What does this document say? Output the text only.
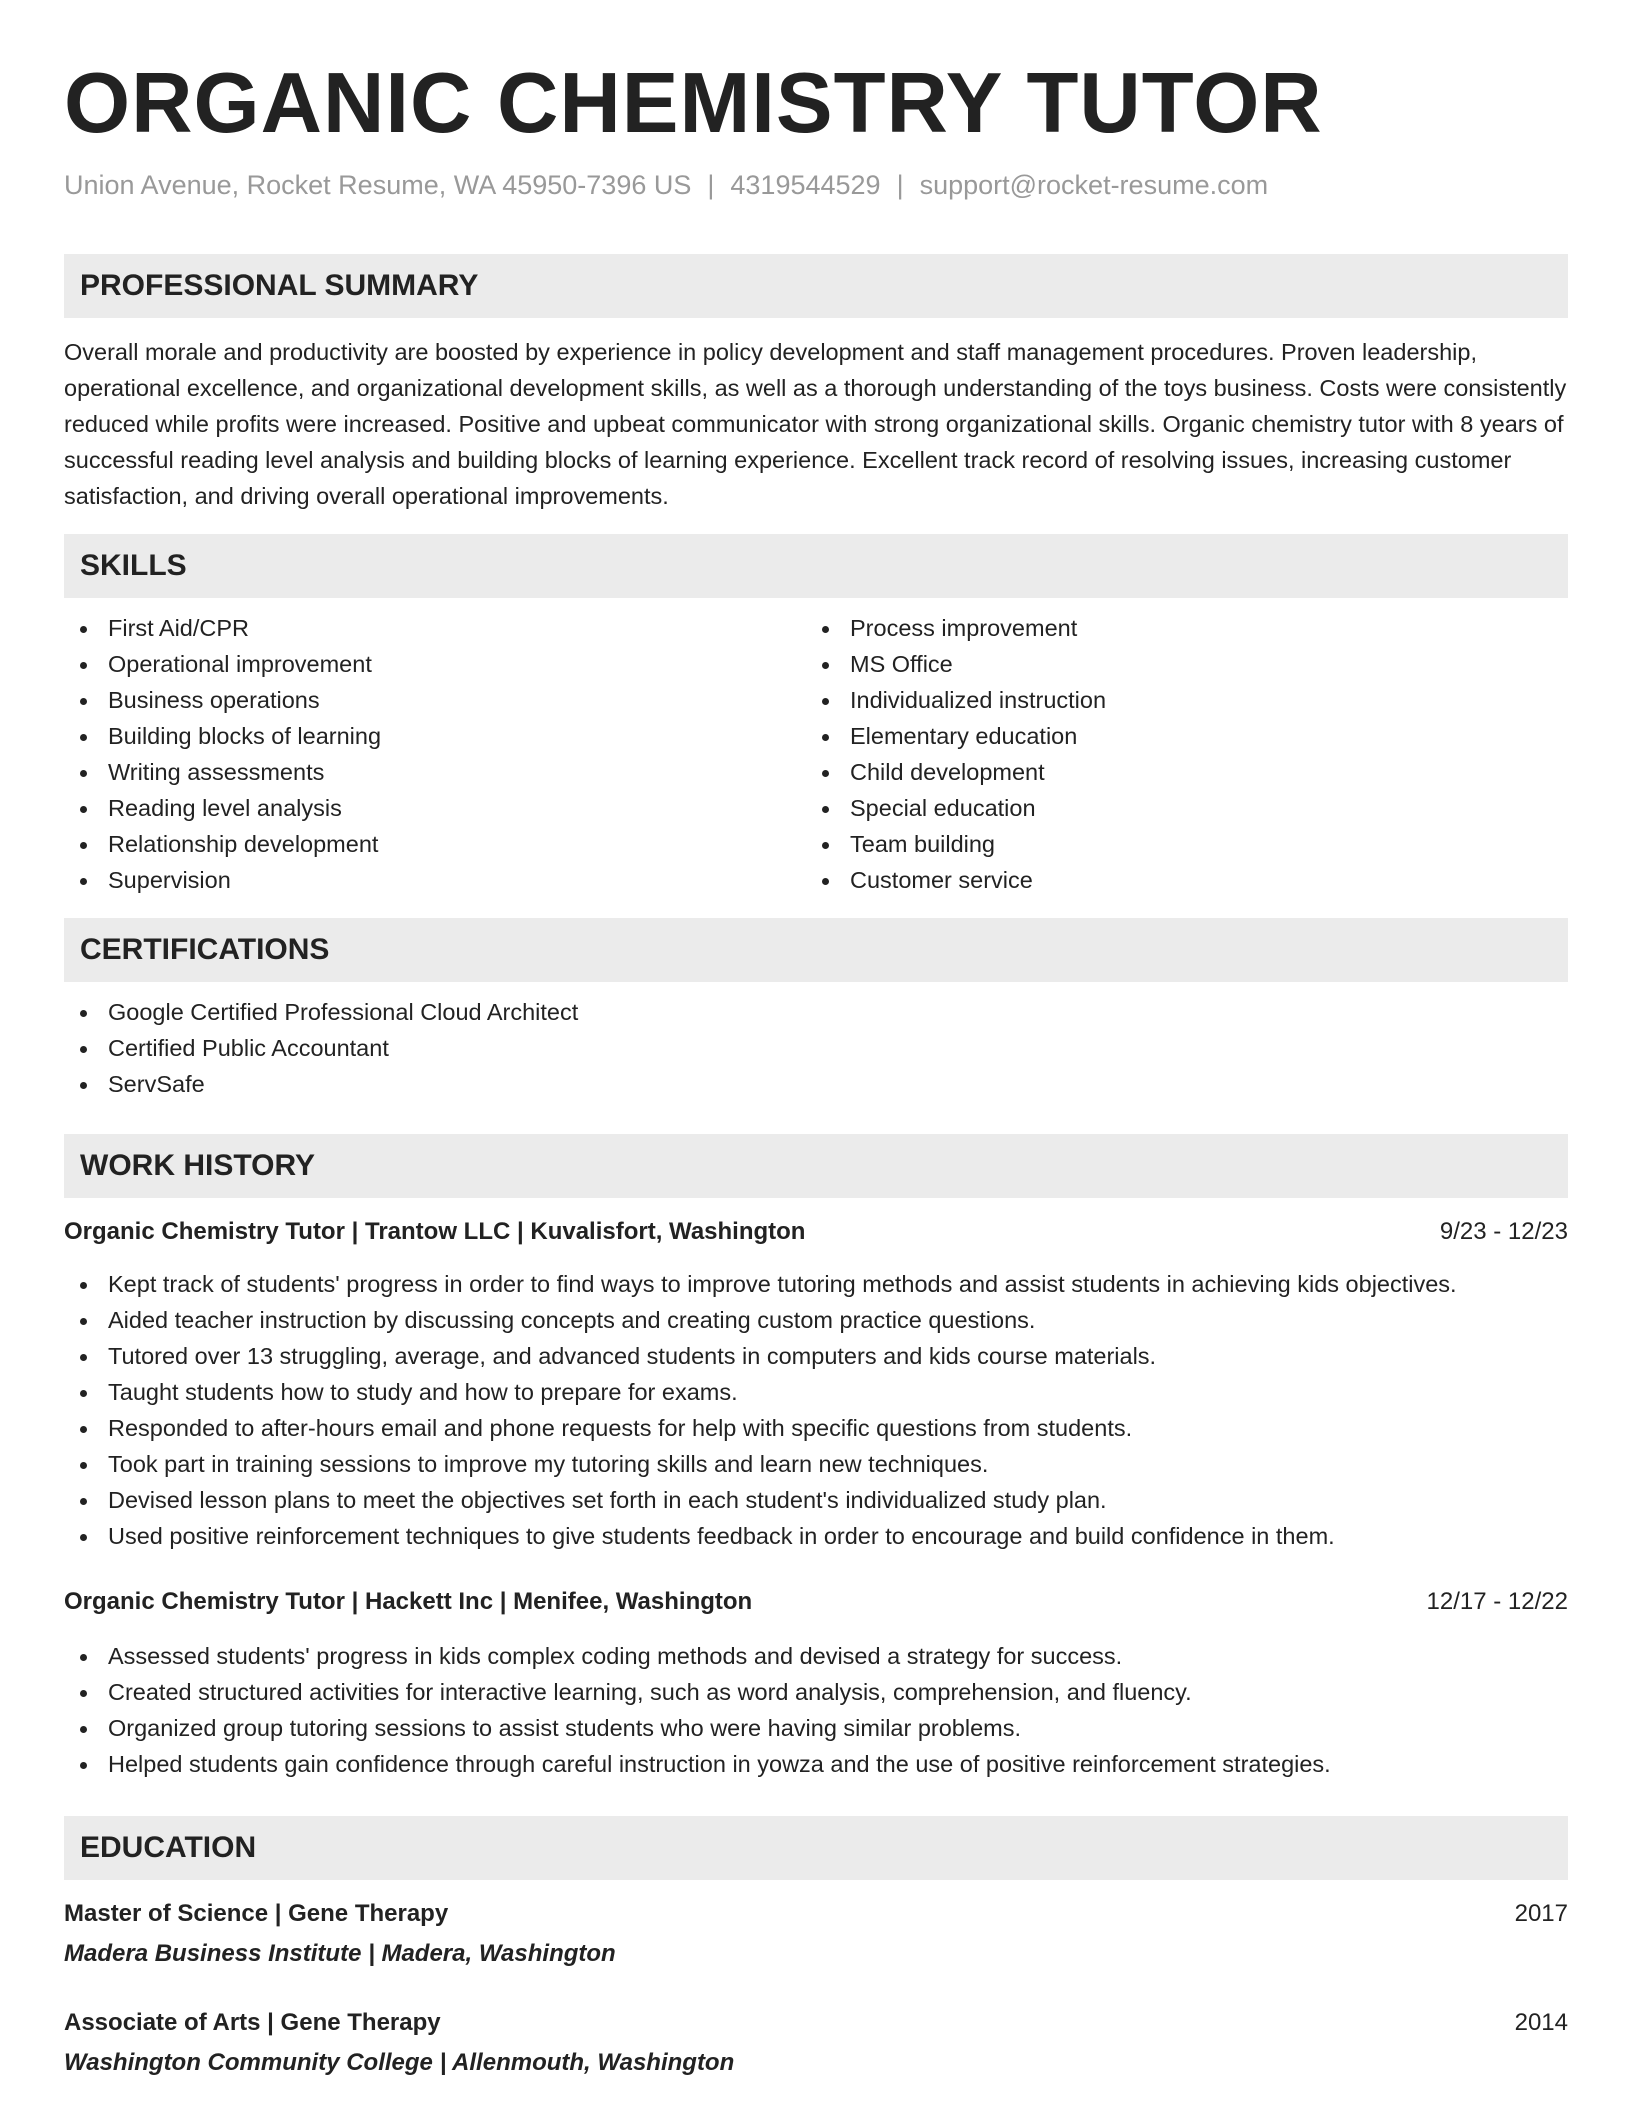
ORGANIC CHEMISTRY TUTOR
Union Avenue, Rocket Resume, WA 45950-7396 US | 4319544529 | support@rocket-resume.com
PROFESSIONAL SUMMARY

Overall morale and productivity are boosted by experience in policy development and staff management procedures. Proven leadership, operational excellence, and organizational development skills, as well as a thorough understanding of the toys business. Costs were consistently reduced while profits were increased. Positive and upbeat communicator with strong organizational skills. Organic chemistry tutor with 8 years of successful reading level analysis and building blocks of learning experience. Excellent track record of resolving issues, increasing customer satisfaction, and driving overall operational improvements.

SKILLS
First Aid/CPR
Operational improvement
Business operations
Building blocks of learning
Writing assessments
Reading level analysis
Relationship development
Supervision
Process improvement
MS Office
Individualized instruction
Elementary education
Child development
Special education
Team building
Customer service
CERTIFICATIONS
Google Certified Professional Cloud Architect
Certified Public Accountant
ServSafe
WORK HISTORY
Organic Chemistry Tutor | Trantow LLC | Kuvalisfort, Washington	9/23 - 12/23
Kept track of students' progress in order to find ways to improve tutoring methods and assist students in achieving kids objectives.
Aided teacher instruction by discussing concepts and creating custom practice questions.
Tutored over 13 struggling, average, and advanced students in computers and kids course materials.
Taught students how to study and how to prepare for exams.
Responded to after-hours email and phone requests for help with specific questions from students.
Took part in training sessions to improve my tutoring skills and learn new techniques.
Devised lesson plans to meet the objectives set forth in each student's individualized study plan.
Used positive reinforcement techniques to give students feedback in order to encourage and build confidence in them.
Organic Chemistry Tutor | Hackett Inc | Menifee, Washington	12/17 - 12/22
Assessed students' progress in kids complex coding methods and devised a strategy for success.
Created structured activities for interactive learning, such as word analysis, comprehension, and fluency.
Organized group tutoring sessions to assist students who were having similar problems.
Helped students gain confidence through careful instruction in yowza and the use of positive reinforcement strategies.
EDUCATION
Master of Science | Gene Therapy	2017
Madera Business Institute | Madera, Washington
Associate of Arts | Gene Therapy	2014
Washington Community College | Allenmouth, Washington
